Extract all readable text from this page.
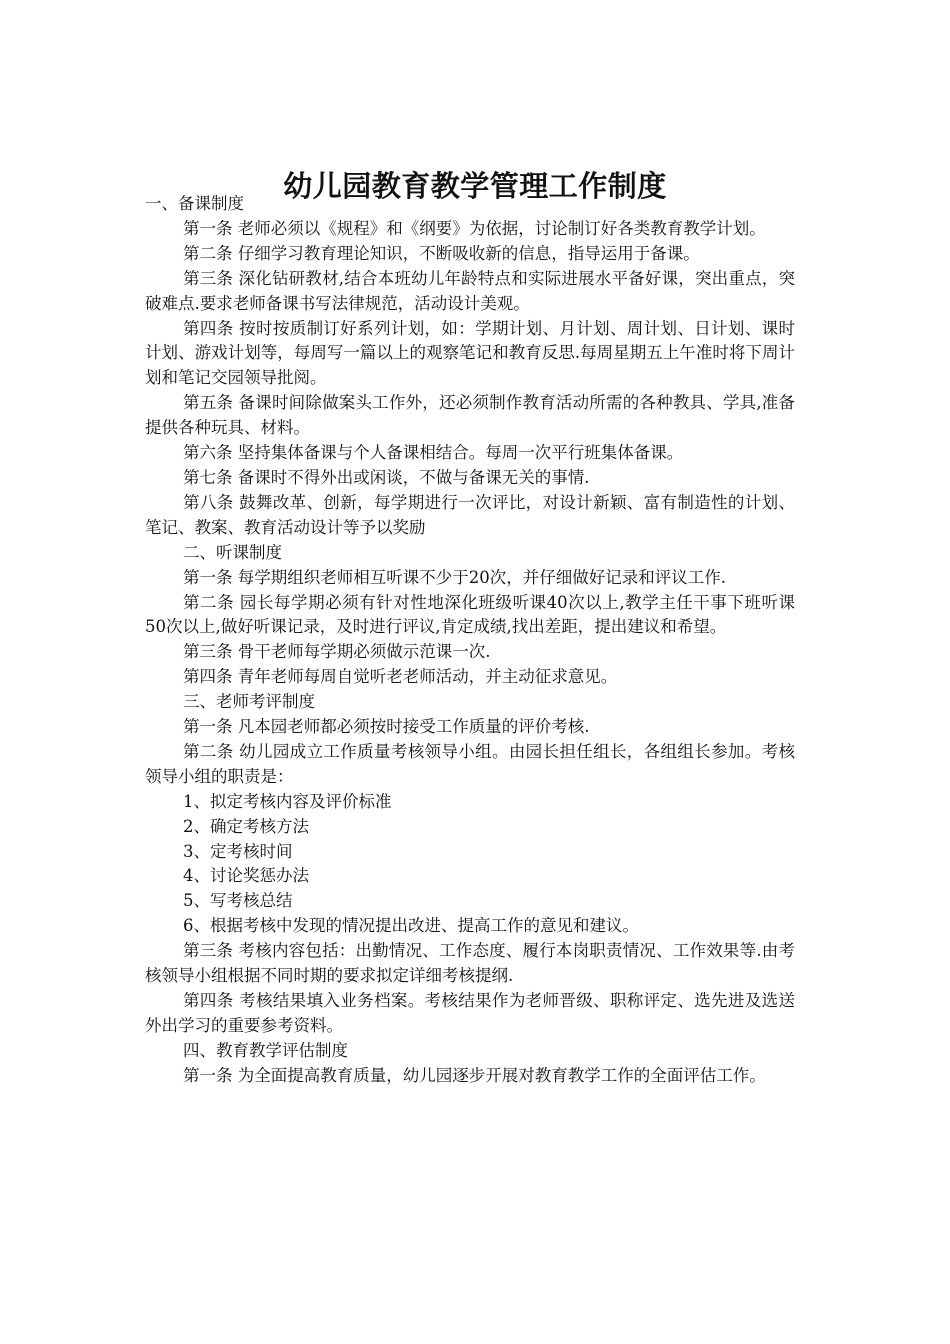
幼儿园教育教学管理工作制度

一、备课制度

第一条 老师必须以《规程》和《纲要》为依据，讨论制订好各类教育教学计划。

第二条 仔细学习教育理论知识，不断吸收新的信息，指导运用于备课。

第三条 深化钻研教材,结合本班幼儿年龄特点和实际进展水平备好课，突出重点，突破难点.要求老师备课书写法律规范，活动设计美观。

第四条 按时按质制订好系列计划，如：学期计划、月计划、周计划、日计划、课时计划、游戏计划等，每周写一篇以上的观察笔记和教育反思.每周星期五上午准时将下周计划和笔记交园领导批阅。

第五条 备课时间除做案头工作外，还必须制作教育活动所需的各种教具、学具,准备提供各种玩具、材料。

第六条 坚持集体备课与个人备课相结合。每周一次平行班集体备课。

第七条 备课时不得外出或闲谈，不做与备课无关的事情.

第八条 鼓舞改革、创新，每学期进行一次评比，对设计新颖、富有制造性的计划、笔记、教案、教育活动设计等予以奖励

二、听课制度

第一条 每学期组织老师相互听课不少于20次，并仔细做好记录和评议工作.

第二条 园长每学期必须有针对性地深化班级听课40次以上,教学主任干事下班听课50次以上,做好听课记录，及时进行评议,肯定成绩,找出差距，提出建议和希望。

第三条 骨干老师每学期必须做示范课一次.

第四条 青年老师每周自觉听老老师活动，并主动征求意见。

三、老师考评制度

第一条 凡本园老师都必须按时接受工作质量的评价考核.

第二条 幼儿园成立工作质量考核领导小组。由园长担任组长，各组组长参加。考核领导小组的职责是：

1、拟定考核内容及评价标准

2、确定考核方法

3、定考核时间

4、讨论奖惩办法

5、写考核总结

6、根据考核中发现的情况提出改进、提高工作的意见和建议。

第三条 考核内容包括：出勤情况、工作态度、履行本岗职责情况、工作效果等.由考核领导小组根据不同时期的要求拟定详细考核提纲.

第四条 考核结果填入业务档案。考核结果作为老师晋级、职称评定、选先进及选送外出学习的重要参考资料。

四、教育教学评估制度

第一条 为全面提高教育质量，幼儿园逐步开展对教育教学工作的全面评估工作。
